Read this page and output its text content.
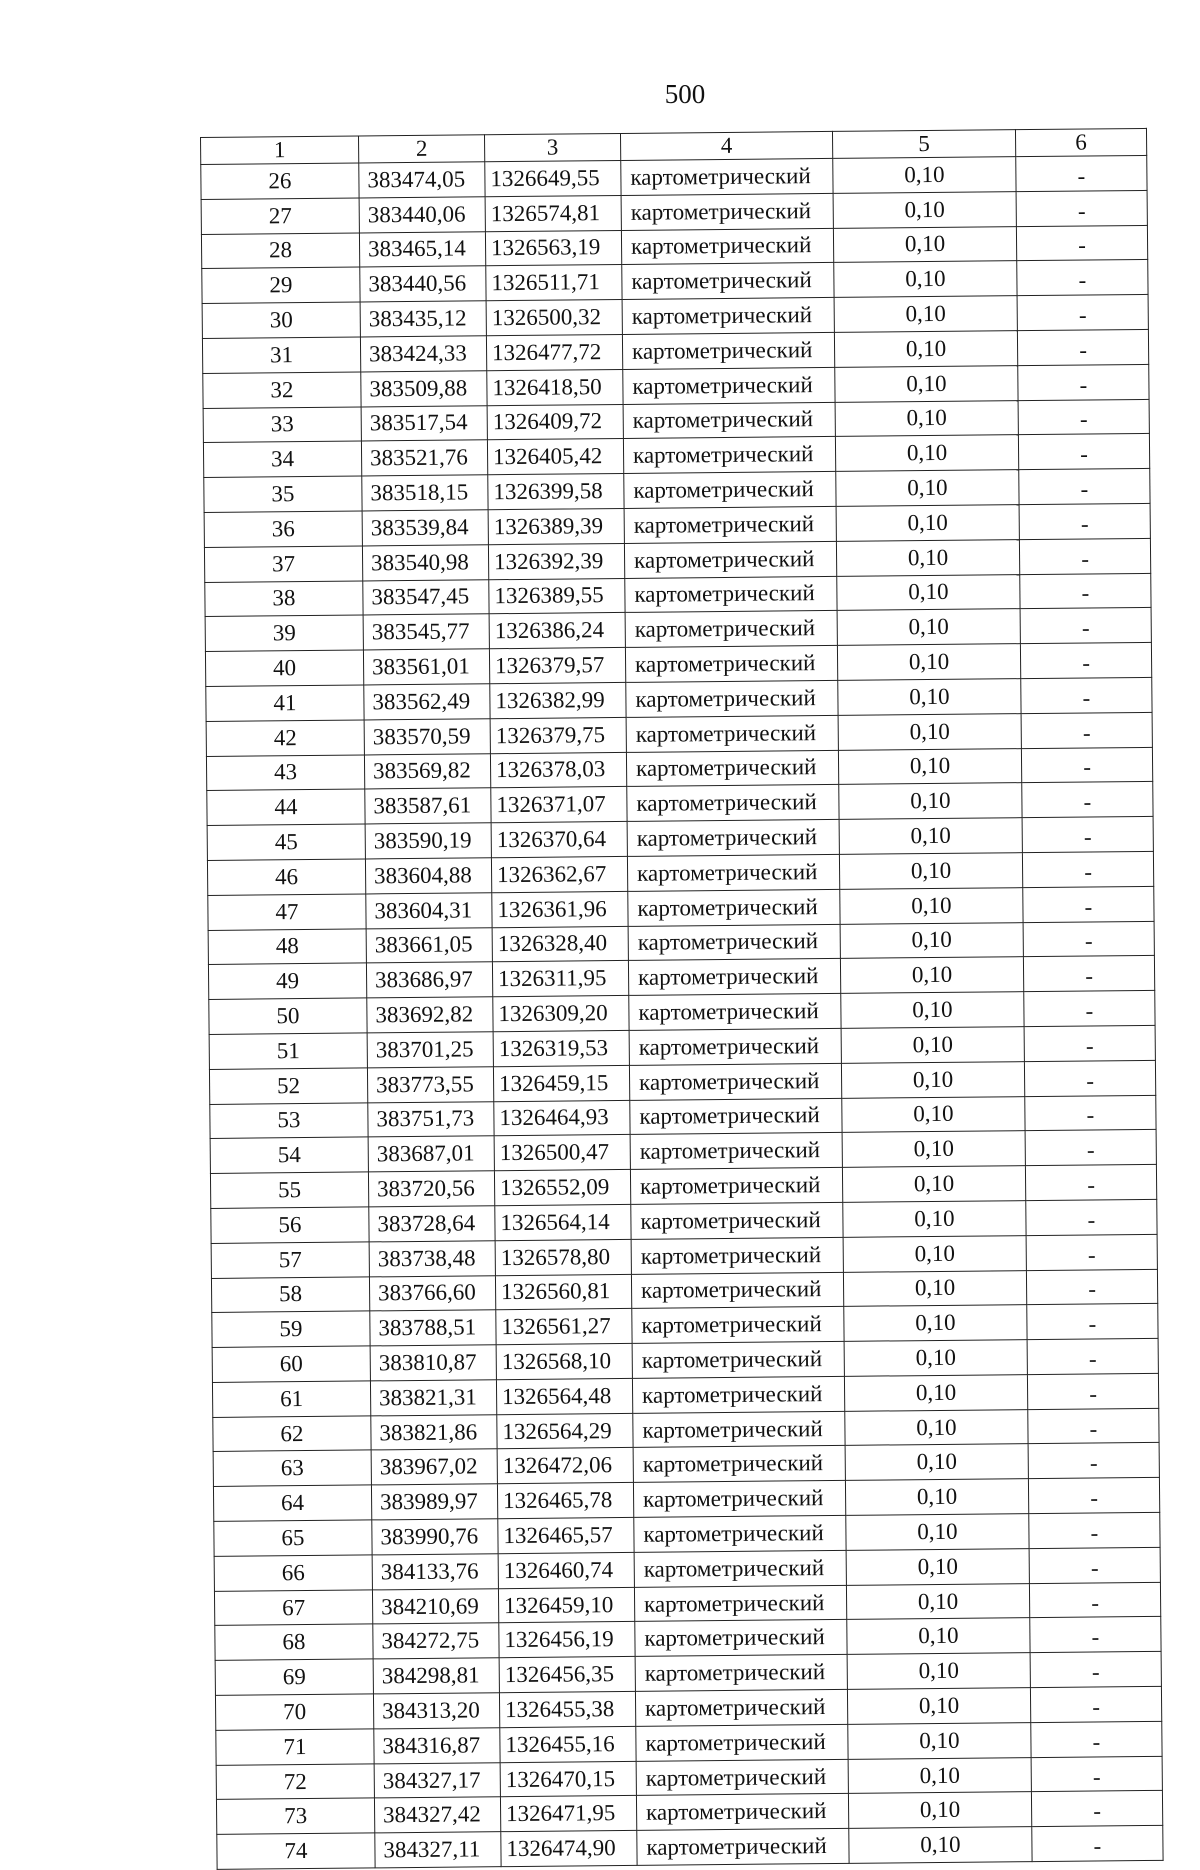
500
1	2	3	4	5	6
26	383474,05	1326649,55	картометрический	0,10	-
27	383440,06	1326574,81	картометрический	0,10	-
28	383465,14	1326563,19	картометрический	0,10	-
29	383440,56	1326511,71	картометрический	0,10	-
30	383435,12	1326500,32	картометрический	0,10	-
31	383424,33	1326477,72	картометрический	0,10	-
32	383509,88	1326418,50	картометрический	0,10	-
33	383517,54	1326409,72	картометрический	0,10	-
34	383521,76	1326405,42	картометрический	0,10	-
35	383518,15	1326399,58	картометрический	0,10	-
36	383539,84	1326389,39	картометрический	0,10	-
37	383540,98	1326392,39	картометрический	0,10	-
38	383547,45	1326389,55	картометрический	0,10	-
39	383545,77	1326386,24	картометрический	0,10	-
40	383561,01	1326379,57	картометрический	0,10	-
41	383562,49	1326382,99	картометрический	0,10	-
42	383570,59	1326379,75	картометрический	0,10	-
43	383569,82	1326378,03	картометрический	0,10	-
44	383587,61	1326371,07	картометрический	0,10	-
45	383590,19	1326370,64	картометрический	0,10	-
46	383604,88	1326362,67	картометрический	0,10	-
47	383604,31	1326361,96	картометрический	0,10	-
48	383661,05	1326328,40	картометрический	0,10	-
49	383686,97	1326311,95	картометрический	0,10	-
50	383692,82	1326309,20	картометрический	0,10	-
51	383701,25	1326319,53	картометрический	0,10	-
52	383773,55	1326459,15	картометрический	0,10	-
53	383751,73	1326464,93	картометрический	0,10	-
54	383687,01	1326500,47	картометрический	0,10	-
55	383720,56	1326552,09	картометрический	0,10	-
56	383728,64	1326564,14	картометрический	0,10	-
57	383738,48	1326578,80	картометрический	0,10	-
58	383766,60	1326560,81	картометрический	0,10	-
59	383788,51	1326561,27	картометрический	0,10	-
60	383810,87	1326568,10	картометрический	0,10	-
61	383821,31	1326564,48	картометрический	0,10	-
62	383821,86	1326564,29	картометрический	0,10	-
63	383967,02	1326472,06	картометрический	0,10	-
64	383989,97	1326465,78	картометрический	0,10	-
65	383990,76	1326465,57	картометрический	0,10	-
66	384133,76	1326460,74	картометрический	0,10	-
67	384210,69	1326459,10	картометрический	0,10	-
68	384272,75	1326456,19	картометрический	0,10	-
69	384298,81	1326456,35	картометрический	0,10	-
70	384313,20	1326455,38	картометрический	0,10	-
71	384316,87	1326455,16	картометрический	0,10	-
72	384327,17	1326470,15	картометрический	0,10	-
73	384327,42	1326471,95	картометрический	0,10	-
74	384327,11	1326474,90	картометрический	0,10	-
